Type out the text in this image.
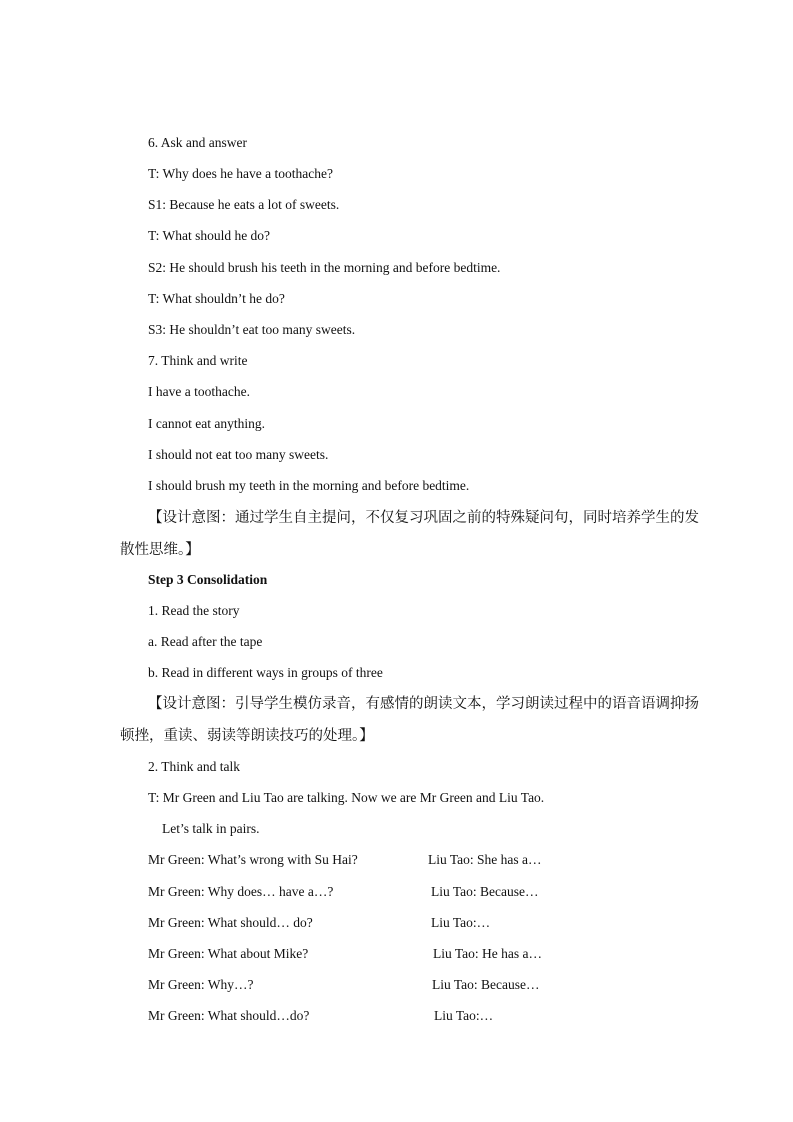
6. Ask and answer
T: Why does he have a toothache?
S1: Because he eats a lot of sweets.
T: What should he do?
S2: He should brush his teeth in the morning and before bedtime.
T: What shouldn’t he do?
S3: He shouldn’t eat too many sweets.
7. Think and write
I have a toothache.
I cannot eat anything.
I should not eat too many sweets.
I should brush my teeth in the morning and before bedtime.
【设计意图：通过学生自主提问，不仅复习巩固之前的特殊疑问句，同时培养学生的发
散性思维。】
Step 3 Consolidation
1. Read the story
a. Read after the tape
b. Read in different ways in groups of three
【设计意图：引导学生模仿录音，有感情的朗读文本，学习朗读过程中的语音语调抑扬
顿挫，重读、弱读等朗读技巧的处理。】
2. Think and talk
T: Mr Green and Liu Tao are talking. Now we are Mr Green and Liu Tao.
Let’s talk in pairs.
Mr Green: What’s wrong with Su Hai?	Liu Tao: She has a…
Mr Green: Why does… have a…?	Liu Tao: Because…
Mr Green: What should… do?	Liu Tao:…
Mr Green: What about Mike?	Liu Tao: He has a…
Mr Green: Why…?	Liu Tao: Because…
Mr Green: What should…do?	Liu Tao:…
